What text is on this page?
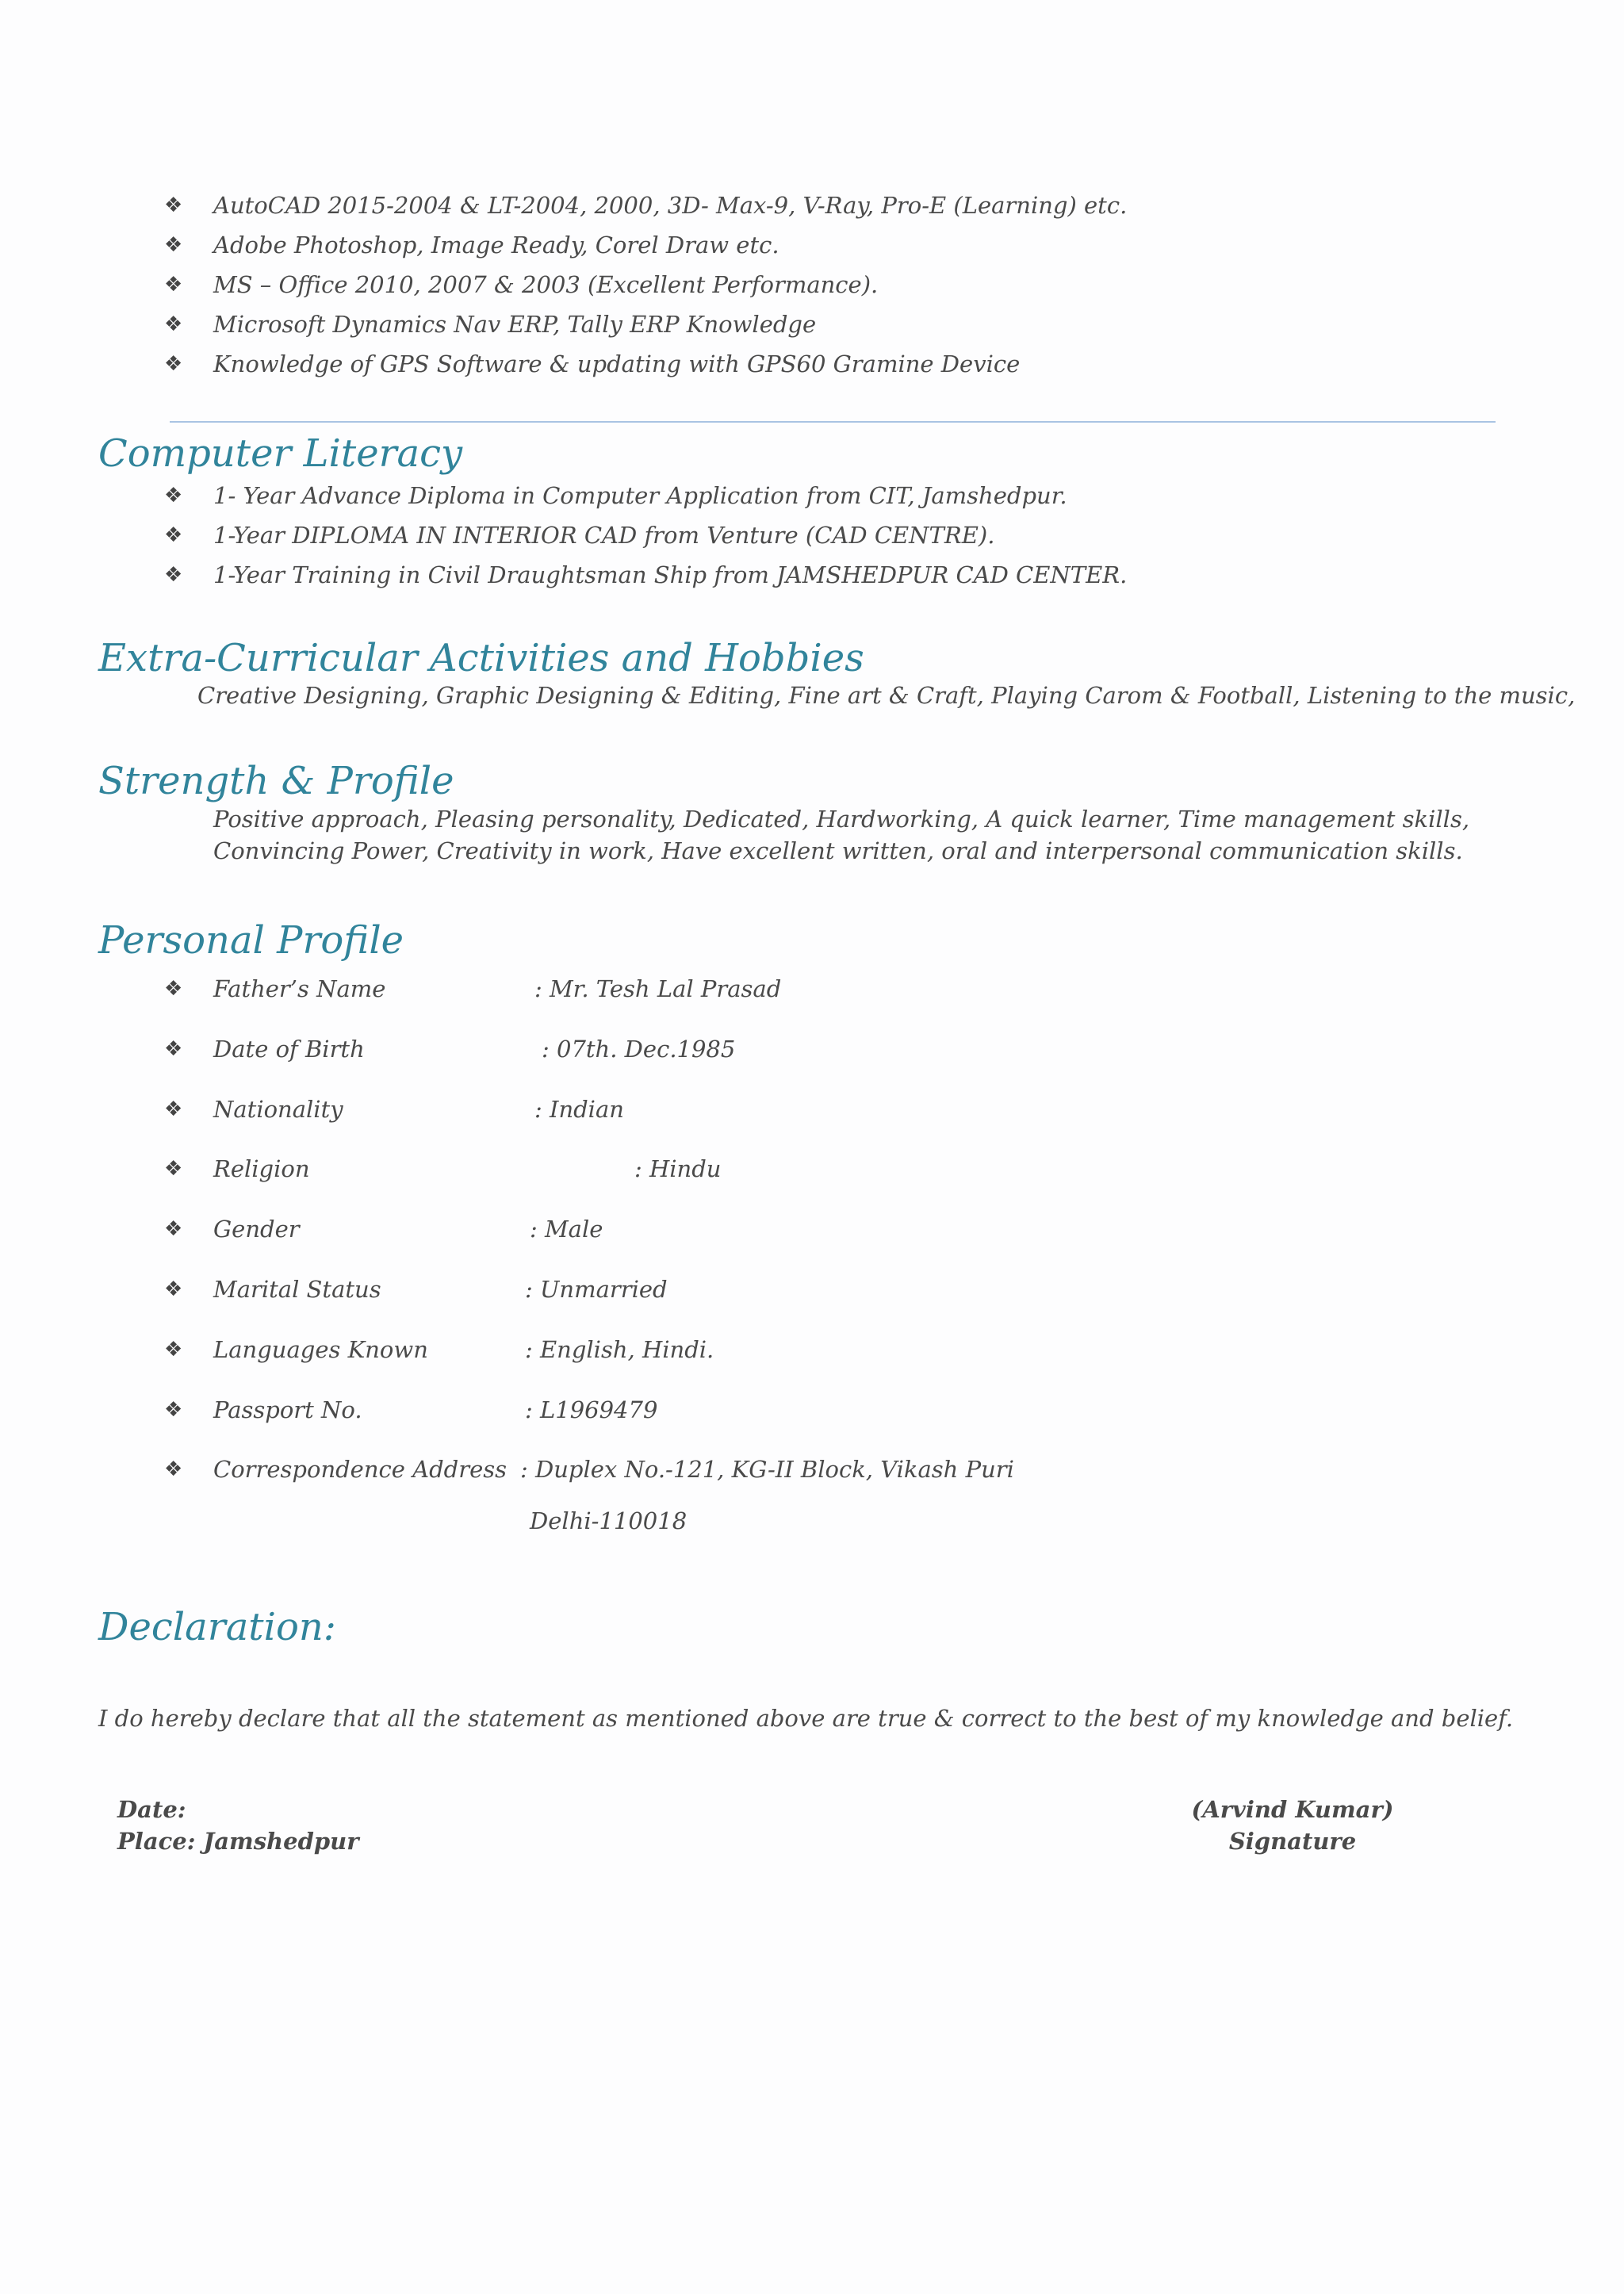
❖ AutoCAD 2015-2004 & LT-2004, 2000, 3D- Max-9, V-Ray, Pro-E (Learning) etc.
❖ Adobe Photoshop, Image Ready, Corel Draw etc.
❖ MS – Office 2010, 2007 & 2003 (Excellent Performance).
❖ Microsoft Dynamics Nav ERP, Tally ERP Knowledge
❖ Knowledge of GPS Software & updating with GPS60 Gramine Device
Computer Literacy
❖ 1- Year Advance Diploma in Computer Application from CIT, Jamshedpur.
❖ 1-Year DIPLOMA IN INTERIOR CAD from Venture (CAD CENTRE).
❖ 1-Year Training in Civil Draughtsman Ship from JAMSHEDPUR CAD CENTER.
Extra-Curricular Activities and Hobbies
Creative Designing, Graphic Designing & Editing, Fine art & Craft, Playing Carom & Football, Listening to the music,
Strength & Profile
Positive approach, Pleasing personality, Dedicated, Hardworking, A quick learner, Time management skills,
Convincing Power, Creativity in work, Have excellent written, oral and interpersonal communication skills.
Personal Profile
❖ Father’s Name	: Mr. Tesh Lal Prasad
❖ Date of Birth	: 07th. Dec.1985
❖ Nationality	: Indian
❖ Religion	: Hindu
❖ Gender	: Male
❖ Marital Status	: Unmarried
❖ Languages Known	: English, Hindi.
❖ Passport No.	: L1969479
❖ Correspondence Address : Duplex No.-121, KG-II Block, Vikash Puri
Delhi-110018
Declaration:
I do hereby declare that all the statement as mentioned above are true & correct to the best of my knowledge and belief.
Date:
Place: Jamshedpur
(Arvind Kumar)
Signature
